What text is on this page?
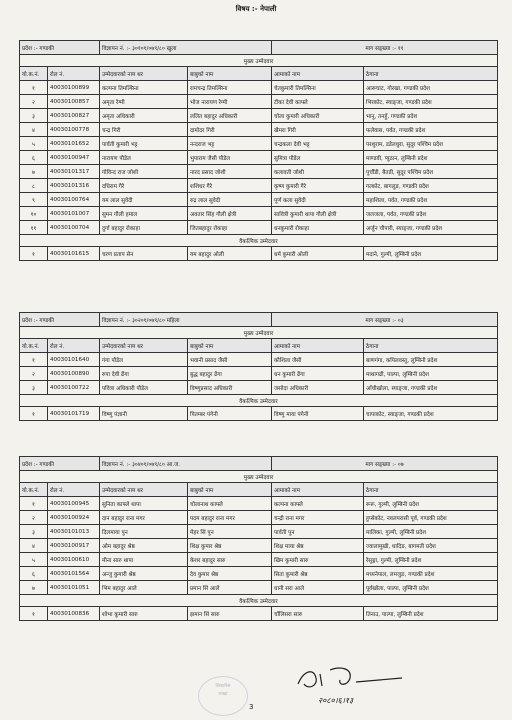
विषय :- नेपाली
प्रदेश :- गण्डकी		विज्ञापन नं. :- ३०१०१/०७९/८० खुला		माग सङ्ख्या :- ११	
मुख्य उम्मेदवार					
यो.क.नं.	रोल नं.	उम्मेदवारको नाम थर	बाबुको नाम	आमाको नाम	ठेगाना
१	40030100899	कल्पना तिमल्सिना	रामचन्द्र तिमल्सिना	चेतकुमारी तिमल्सिना	आरूघाट, गोरखा, गण्डकी प्रदेश
२	40030100857	अमृता रेग्मी	भोज नारायण रेग्मी	टीका देवी काफ्ले	भिरकोट, स्याङ्जा, गण्डकी प्रदेश
३	40030100827	अमृता अधिकारी	ललित बहादुर अधिकारी	चोला कुमारी अधिकारी	भानु, तनहुँ, गण्डकी प्रदेश
४	40030100778	चन्द्र गिरी	दामोदर गिरी	खैमरा गिरी	फलेवास, पर्वत, गण्डकी प्रदेश
५	40030101652	पार्वती कुमारी भट्ट	नन्दराज भट्ट	चन्द्रकला देवी भट्ट	परशुराम, डडेलधुरा, सुदूर पश्चिम प्रदेश
६	40030100947	नारायण पौडेल	भुपाराम जैसी पौडेल	सुमित्रा पौडेल	माण्डवी, प्युठान, लुम्बिनी प्रदेश
७	40030101317	गोविन्द राज जोशी	नारद प्रसाद जोशी	कलावती जोशी	पुर्चौंडी, बैतडी, सुदूर पश्चिम प्रदेश
८	40030101316	दधिराम गैरे	शशिधर गैरे	कृष्ण कुमारी गैरे	गल्कोट, बागलुङ, गण्डकी प्रदेश
९	40030100764	यम लाल सुवेदी	रुद्र लाल सुवेदी	पूर्ण कला सुवेदी	महाशिला, पर्वत, गण्डकी प्रदेश
१०	40030101007	सुमन गौली हमाल	अवतार सिंह गौली क्षेत्री	सावित्री कुमारी थापा गौली क्षेत्री	जलजला, पर्वत, गण्डकी प्रदेश
११	40030100704	दुर्गा बहादुर रोकाहा	जितबहादुर रोकाहा	धनकुमारी रोकाहा	अर्जुन चौपारी, स्याङ्जा, गण्डकी प्रदेश
वैकल्पिक उम्मेदवार					
१	40030101615	चरण प्रताप सेन	यम बहादुर ओली	धर्म कुमारी ओली	मदाने, गुल्मी, लुम्बिनी प्रदेश
प्रदेश :- गण्डकी		विज्ञापन नं. :- ३०२०१/०७९/८० महिला		माग सङ्ख्या :- ०३	
मुख्य उम्मेदवार					
यो.क.नं.	रोल नं.	उम्मेदवारको नाम थर	बाबुको नाम	आमाको नाम	ठेगाना
१	40030101640	गंगा पौडेल	भवानी प्रसाद जैसी	कौशिला जैसी	बाणगंगा, कपिलवस्तु, लुम्बिनी प्रदेश
२	40030100890	रुपा देवी ढेंगा	बुद्ध बहादुर ढेंगा	धन कुमारी ढेंगा	माथागढी, पाल्पा, लुम्बिनी प्रदेश
३	40030100722	पवित्रा अधिकारी पौडेल	विष्णुप्रसाद अधिकारी	जसोदा अधिकारी	आँधीखोला, स्याङ्जा, गण्डकी प्रदेश
वैकल्पिक उम्मेदवार					
१	40030101719	विष्णु पंज्ञानी	पितम्बर पंगेनी	विष्णु माया पंगेनी	चापाकोट, स्याङ्जा, गण्डकी प्रदेश
प्रदेश :- गण्डकी		विज्ञापन नं. :- ३०४०१/०७९/८० आ.ज.		माग सङ्ख्या :- ०७	
मुख्य उम्मेदवार					
यो.क.नं.	रोल नं.	उम्मेदवारको नाम थर	बाबुको नाम	आमाको नाम	ठेगाना
१	40030100945	सुनिता काफ्ले थापा	चोलानाथ काफ्ले	कल्पना काफ्ले	रूरू, गुल्मी, लुम्बिनी प्रदेश
२	40030100924	दान बहादुर राना मगर	पदम बहादुर राना मगर	चन्द्री राना मगर	हुप्सेकोट, नवलपरासी पूर्व, गण्डकी प्रदेश
३	40030101013	दिलमाया पुन	मेहर सिं पुन	पार्वती पुन	मालिका, गुल्मी, लुम्बिनी प्रदेश
४	40030100917	ओम बहादुर श्रेष्ठ	शिक्ष कुमार श्रेष्ठ	शिक्ष माया श्रेष्ठ	ज्वालामुखी, धादिङ, बागमती प्रदेश
५	40030100610	मीना सारु थापा	केशर बहादुर सारु	खिम कुमारी सारु	रेसुङ्गा, गुल्मी, लुम्बिनी प्रदेश
६	40030101564	अन्जु कुमारी श्रेष्ठ	देव कुमार श्रेष्ठ	सिता कुमारी श्रेष्ठ	मध्यनेपाल, लमजुङ, गण्डकी प्रदेश
७	40030101051	भिम बहादुर आले	प्रमान सिं आले	धानी सरा आले	पूर्वखोला, पाल्पा, लुम्बिनी प्रदेश
वैकल्पिक उम्मेदवार					
१	40030100836	शोभा कुमारी सारु	झमान सिं सारु	चाँलिसरा सारु	तिनाउ, पाल्पा, लुम्बिनी प्रदेश
२०८०।६।१३
सिफारिस
शाखा
3
